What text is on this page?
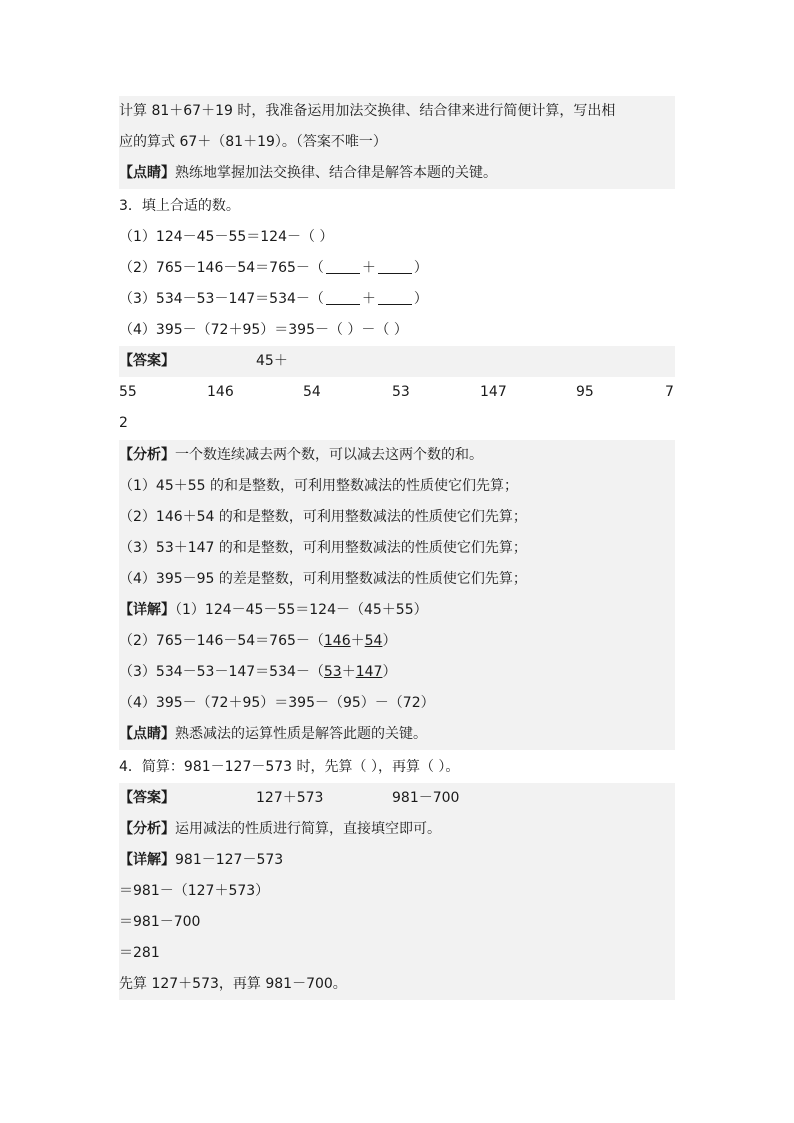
计算 81＋67＋19 时，我准备运用加法交换律、结合律来进行简便计算，写出相
应的算式 67＋（81＋19）。（答案不唯一）
【点睛】熟练地掌握加法交换律、结合律是解答本题的关键。
3．填上合适的数。
（1）124－45－55＝124－（ ）
（2）765－146－54＝765－（	＋	）
（3）534－53－147＝534－（	＋	）
（4）395－（72＋95）＝395－（ ）－（ ）
【答案】	45＋
55	146	54	53	147	95	7
2
【分析】一个数连续减去两个数，可以减去这两个数的和。
（1）45＋55 的和是整数，可利用整数减法的性质使它们先算；
（2）146＋54 的和是整数，可利用整数减法的性质使它们先算；
（3）53＋147 的和是整数，可利用整数减法的性质使它们先算；
（4）395－95 的差是整数，可利用整数减法的性质使它们先算；
【详解】（1）124－45－55＝124－（45＋55）
（2）765－146－54＝765－（146＋54）
（3）534－53－147＝534－（53＋147）
（4）395－（72＋95）＝395－（95）－（72）
【点睛】熟悉减法的运算性质是解答此题的关键。
4．简算：981－127－573 时，先算（ ），再算（ ）。
【答案】	127＋573	981－700
【分析】运用减法的性质进行简算，直接填空即可。
【详解】981－127－573
＝981－（127＋573）
＝981－700
＝281
先算 127＋573，再算 981－700。
